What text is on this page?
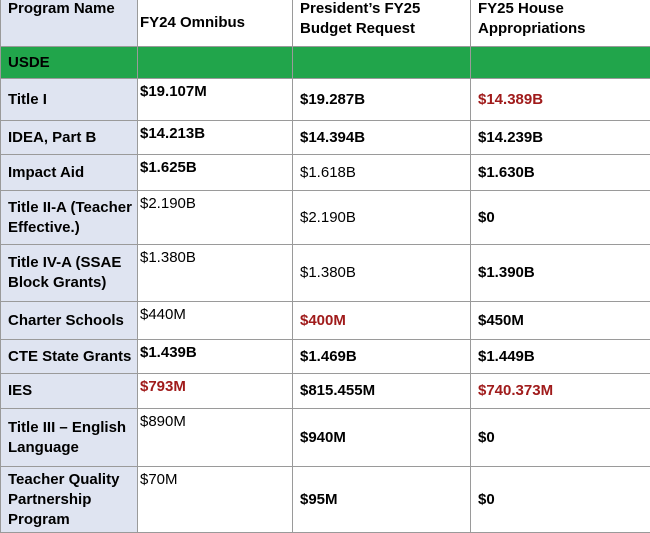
Program Name	FY24 Omnibus	President’s FY25 Budget Request	FY25 House Appropriations
USDE			
Title I	$19.107M	$19.287B	$14.389B
IDEA, Part B	$14.213B	$14.394B	$14.239B
Impact Aid	$1.625B	$1.618B	$1.630B
Title II-A (Teacher Effective.)	$2.190B	$2.190B	$0
Title IV-A (SSAE Block Grants)	$1.380B	$1.380B	$1.390B
Charter Schools	$440M	$400M	$450M
CTE State Grants	$1.439B	$1.469B	$1.449B
IES	$793M	$815.455M	$740.373M
Title III – English Language	$890M	$940M	$0
Teacher Quality Partnership Program	$70M	$95M	$0
